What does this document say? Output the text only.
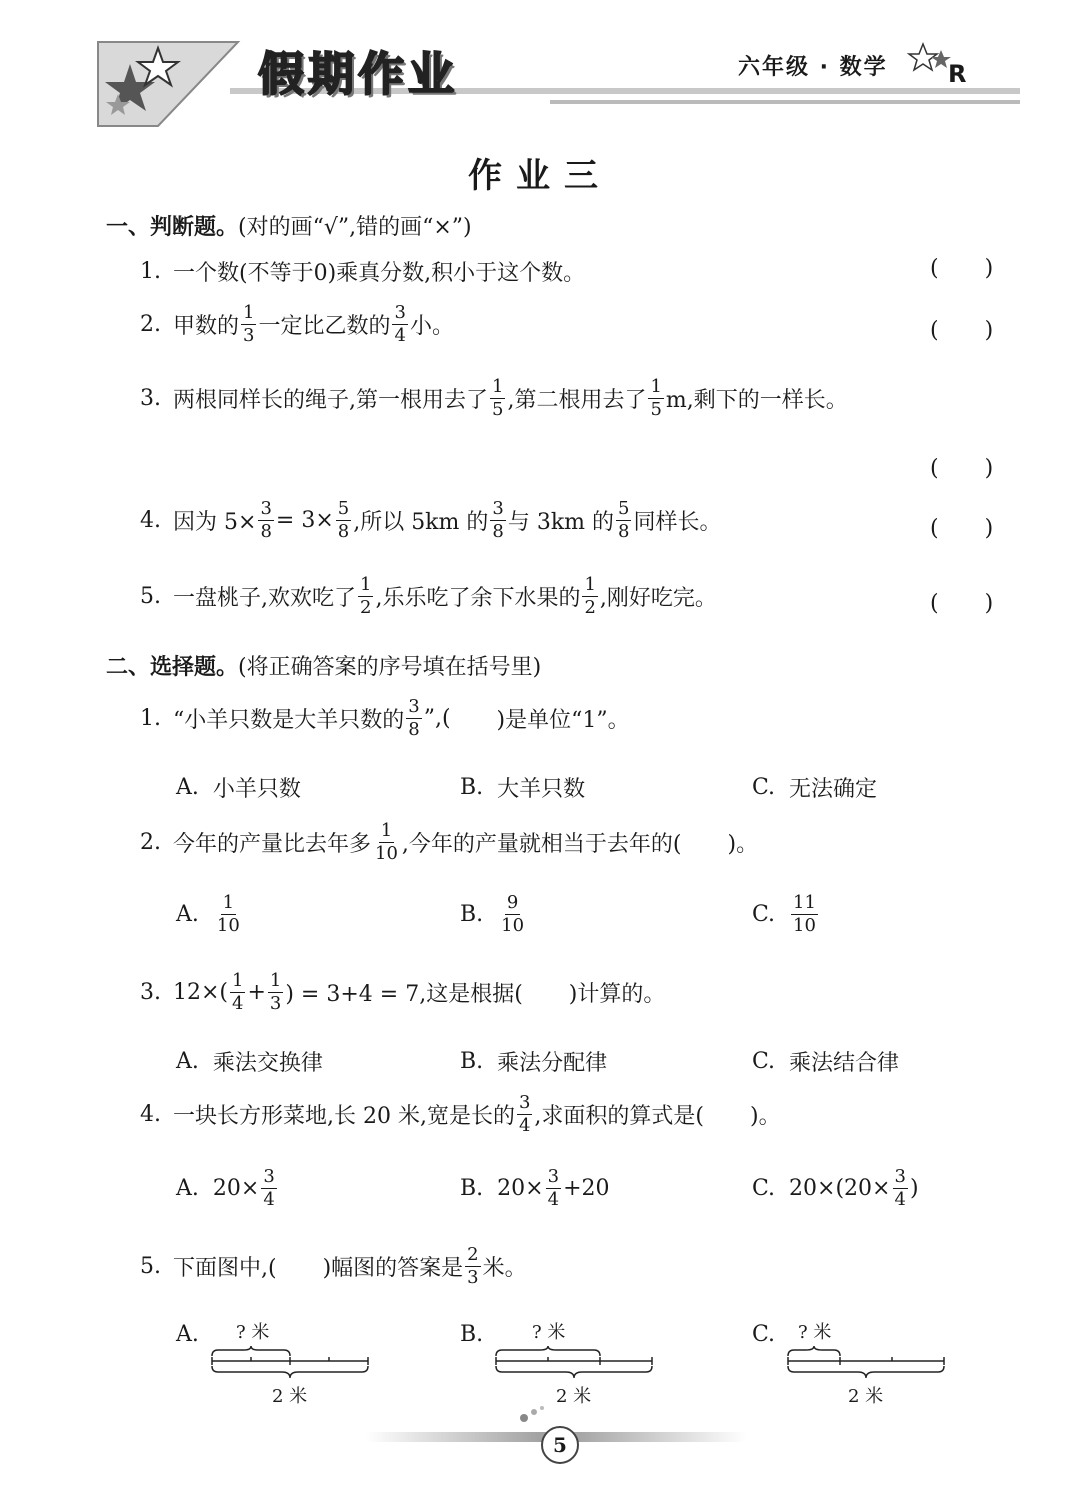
假期作业	六年级 · 数学	R
作业三
一、判断题。(对的画“√”,错的画“×”)
1. 一个数(不等于0)乘真分数,积小于这个数。	( )
2. 甲数的 $\frac{1}{3}$ 一定比乙数的 $\frac{3}{4}$ 小。	( )
3. 两根同样长的绳子,第一根用去了 $\frac{1}{5}$ ,第二根用去了 $\frac{1}{5} m$,剩下的一样长。
( )
4. 因为 $5\times \frac{3}{8} = 3\times \frac{5}{8}$ ,所以 5km 的 $\frac{3}{8}$ 与 3km 的 $\frac{5}{8}$ 同样长。	( )
5. 一盘桃子,欢欢吃了 $\frac{1}{2}$ ,乐乐吃了余下水果的 $\frac{1}{2}$ ,刚好吃完。	( )
二、选择题。(将正确答案的序号填在括号里)
1. “小羊只数是大羊只数的 $\frac{3}{8}$ ”,( )是单位“1”。
A. 小羊只数	B. 大羊只数	C. 无法确定
2. 今年的产量比去年多 $\frac{1}{10}$ ,今年的产量就相当于去年的( )。
A. $\frac{1}{10}$	B. $\frac{9}{10}$	C. $\frac{11}{10}$
3. $12\times( \frac{1}{4} + \frac{1}{3}$ ) = 3+4 = 7,这是根据( )计算的。
A. 乘法交换律	B. 乘法分配律	C. 乘法结合律
4. 一块长方形菜地,长 20 米,宽是长的 $\frac{3}{4}$ ,求面积的算式是( )。
A. $20\times \frac{3}{4}$	B. $20\times \frac{3}{4} +20$	C. $20\times(20\times \frac{3}{4}$ )
5. 下面图中,( )幅图的答案是 $\frac{2}{3}$ 米。
A. ? 米
2 米
B.	? 米
2 米
C. ? 米
2 米
5
